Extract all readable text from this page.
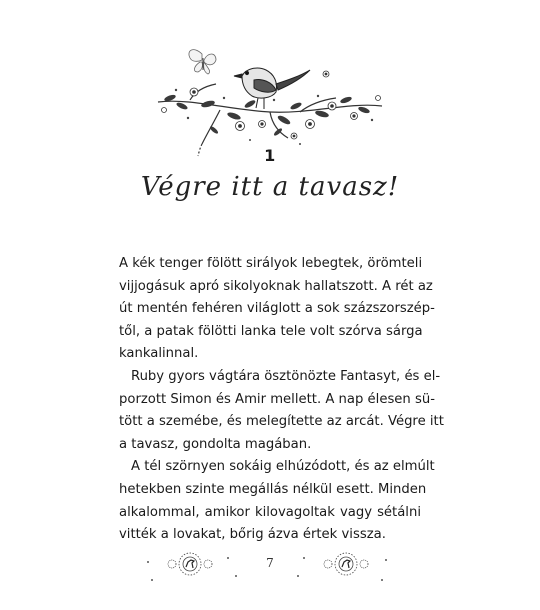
1
Végre itt a tavasz!

A kék tenger fölött sirályok lebegtek, örömteli
vijjogásuk apró sikolyoknak hallatszott. A rét az
út mentén fehéren világlott a sok százszorszép-
től, a patak fölötti lanka tele volt szórva sárga
kankalinnal.

Ruby gyors vágtára ösztönözte Fantasyt, és el-
porzott Simon és Amir mellett. A nap élesen sü-
tött a szemébe, és melegítette az arcát. Végre itt
a tavasz, gondolta magában.

A tél szörnyen sokáig elhúzódott, és az elmúlt
hetekben szinte megállás nélkül esett. Minden
alkalommal, amikor kilovagoltak vagy sétálni
vitték a lovakat, bőrig ázva értek vissza.

7
